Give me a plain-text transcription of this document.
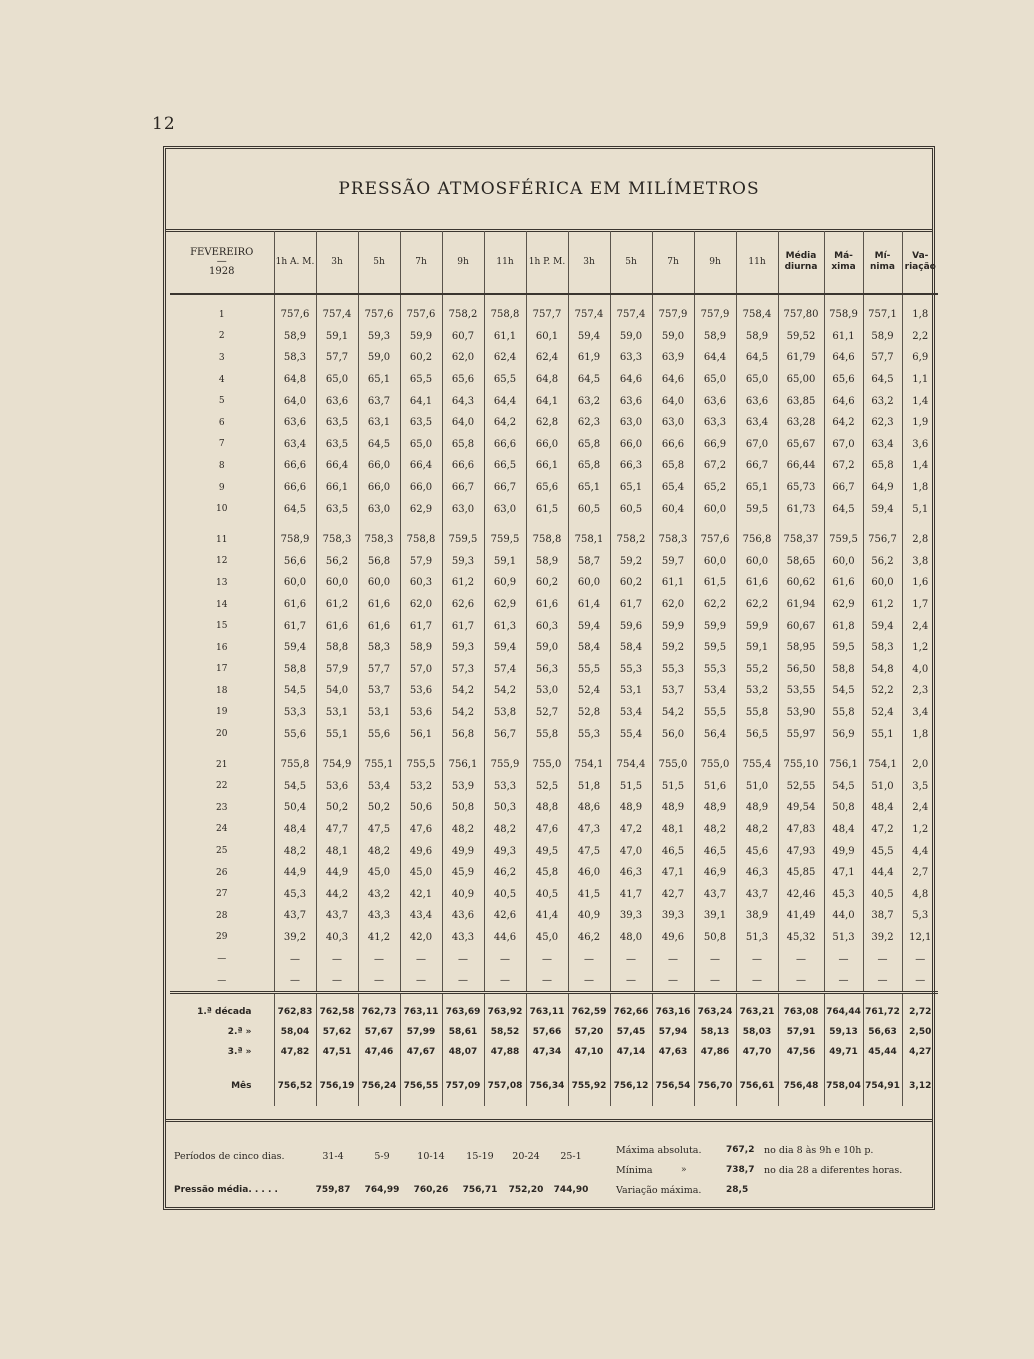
12
PRESSÃO ATMOSFÉRICA EM MILÍMETROS
FEVEREIRO
—
1928	1h A. M.	3h	5h	7h	9h	11h	1h P. M.	3h	5h	7h	9h	11h	Média diurna	Má- xima	Mí- nima	Va- riação
1	757,6	757,4	757,6	757,6	758,2	758,8	757,7	757,4	757,4	757,9	757,9	758,4	757,80	758,9	757,1	1,8
2	58,9	59,1	59,3	59,9	60,7	61,1	60,1	59,4	59,0	59,0	58,9	58,9	59,52	61,1	58,9	2,2
3	58,3	57,7	59,0	60,2	62,0	62,4	62,4	61,9	63,3	63,9	64,4	64,5	61,79	64,6	57,7	6,9
4	64,8	65,0	65,1	65,5	65,6	65,5	64,8	64,5	64,6	64,6	65,0	65,0	65,00	65,6	64,5	1,1
5	64,0	63,6	63,7	64,1	64,3	64,4	64,1	63,2	63,6	64,0	63,6	63,6	63,85	64,6	63,2	1,4
6	63,6	63,5	63,1	63,5	64,0	64,2	62,8	62,3	63,0	63,0	63,3	63,4	63,28	64,2	62,3	1,9
7	63,4	63,5	64,5	65,0	65,8	66,6	66,0	65,8	66,0	66,6	66,9	67,0	65,67	67,0	63,4	3,6
8	66,6	66,4	66,0	66,4	66,6	66,5	66,1	65,8	66,3	65,8	67,2	66,7	66,44	67,2	65,8	1,4
9	66,6	66,1	66,0	66,0	66,7	66,7	65,6	65,1	65,1	65,4	65,2	65,1	65,73	66,7	64,9	1,8
10	64,5	63,5	63,0	62,9	63,0	63,0	61,5	60,5	60,5	60,4	60,0	59,5	61,73	64,5	59,4	5,1
11	758,9	758,3	758,3	758,8	759,5	759,5	758,8	758,1	758,2	758,3	757,6	756,8	758,37	759,5	756,7	2,8
12	56,6	56,2	56,8	57,9	59,3	59,1	58,9	58,7	59,2	59,7	60,0	60,0	58,65	60,0	56,2	3,8
13	60,0	60,0	60,0	60,3	61,2	60,9	60,2	60,0	60,2	61,1	61,5	61,6	60,62	61,6	60,0	1,6
14	61,6	61,2	61,6	62,0	62,6	62,9	61,6	61,4	61,7	62,0	62,2	62,2	61,94	62,9	61,2	1,7
15	61,7	61,6	61,6	61,7	61,7	61,3	60,3	59,4	59,6	59,9	59,9	59,9	60,67	61,8	59,4	2,4
16	59,4	58,8	58,3	58,9	59,3	59,4	59,0	58,4	58,4	59,2	59,5	59,1	58,95	59,5	58,3	1,2
17	58,8	57,9	57,7	57,0	57,3	57,4	56,3	55,5	55,3	55,3	55,3	55,2	56,50	58,8	54,8	4,0
18	54,5	54,0	53,7	53,6	54,2	54,2	53,0	52,4	53,1	53,7	53,4	53,2	53,55	54,5	52,2	2,3
19	53,3	53,1	53,1	53,6	54,2	53,8	52,7	52,8	53,4	54,2	55,5	55,8	53,90	55,8	52,4	3,4
20	55,6	55,1	55,6	56,1	56,8	56,7	55,8	55,3	55,4	56,0	56,4	56,5	55,97	56,9	55,1	1,8
21	755,8	754,9	755,1	755,5	756,1	755,9	755,0	754,1	754,4	755,0	755,0	755,4	755,10	756,1	754,1	2,0
22	54,5	53,6	53,4	53,2	53,9	53,3	52,5	51,8	51,5	51,5	51,6	51,0	52,55	54,5	51,0	3,5
23	50,4	50,2	50,2	50,6	50,8	50,3	48,8	48,6	48,9	48,9	48,9	48,9	49,54	50,8	48,4	2,4
24	48,4	47,7	47,5	47,6	48,2	48,2	47,6	47,3	47,2	48,1	48,2	48,2	47,83	48,4	47,2	1,2
25	48,2	48,1	48,2	49,6	49,9	49,3	49,5	47,5	47,0	46,5	46,5	45,6	47,93	49,9	45,5	4,4
26	44,9	44,9	45,0	45,0	45,9	46,2	45,8	46,0	46,3	47,1	46,9	46,3	45,85	47,1	44,4	2,7
27	45,3	44,2	43,2	42,1	40,9	40,5	40,5	41,5	41,7	42,7	43,7	43,7	42,46	45,3	40,5	4,8
28	43,7	43,7	43,3	43,4	43,6	42,6	41,4	40,9	39,3	39,3	39,1	38,9	41,49	44,0	38,7	5,3
29	39,2	40,3	41,2	42,0	43,3	44,6	45,0	46,2	48,0	49,6	50,8	51,3	45,32	51,3	39,2	12,1
—	—	—	—	—	—	—	—	—	—	—	—	—	—	—	—	—
—	—	—	—	—	—	—	—	—	—	—	—	—	—	—	—	—
1.ª década	762,83	762,58	762,73	763,11	763,69	763,92	763,11	762,59	762,66	763,16	763,24	763,21	763,08	764,44	761,72	2,72
2.ª »	58,04	57,62	57,67	57,99	58,61	58,52	57,66	57,20	57,45	57,94	58,13	58,03	57,91	59,13	56,63	2,50
3.ª »	47,82	47,51	47,46	47,67	48,07	47,88	47,34	47,10	47,14	47,63	47,86	47,70	47,56	49,71	45,44	4,27
Mês	756,52	756,19	756,24	756,55	757,09	757,08	756,34	755,92	756,12	756,54	756,70	756,61	756,48	758,04	754,91	3,12
Períodos de cinco dias.	31-4	5-9	10-14	15-19	20-24	25-1
Pressão média. . . . .	759,87	764,99	760,26	756,71	752,20	744,90
Máxima absoluta.	767,2 no dia 8 às 9h e 10h p.
Mínima	»	738,7 no dia 28 a diferentes horas.
Variação máxima.	28,5
